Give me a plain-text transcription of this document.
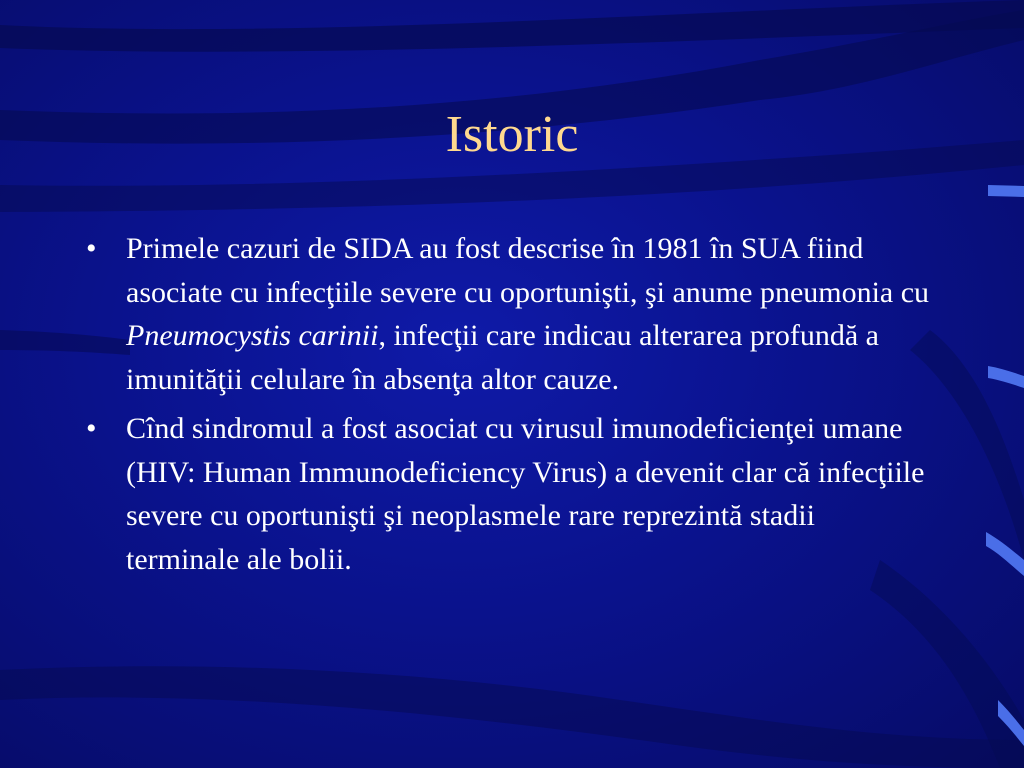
Istoric
• Primele cazuri de SIDA au fost descrise în 1981 în SUA fiind asociate cu infecţiile severe cu oportunişti, şi anume pneumonia cu Pneumocystis carinii, infecţii care indicau alterarea profundă a imunităţii celulare în absenţa altor cauze.
• Cînd sindromul a fost asociat cu virusul imunodeficienţei umane (HIV: Human Immunodeficiency Virus) a devenit clar că infecţiile severe cu oportunişti şi neoplasmele rare reprezintă stadii terminale ale bolii.
